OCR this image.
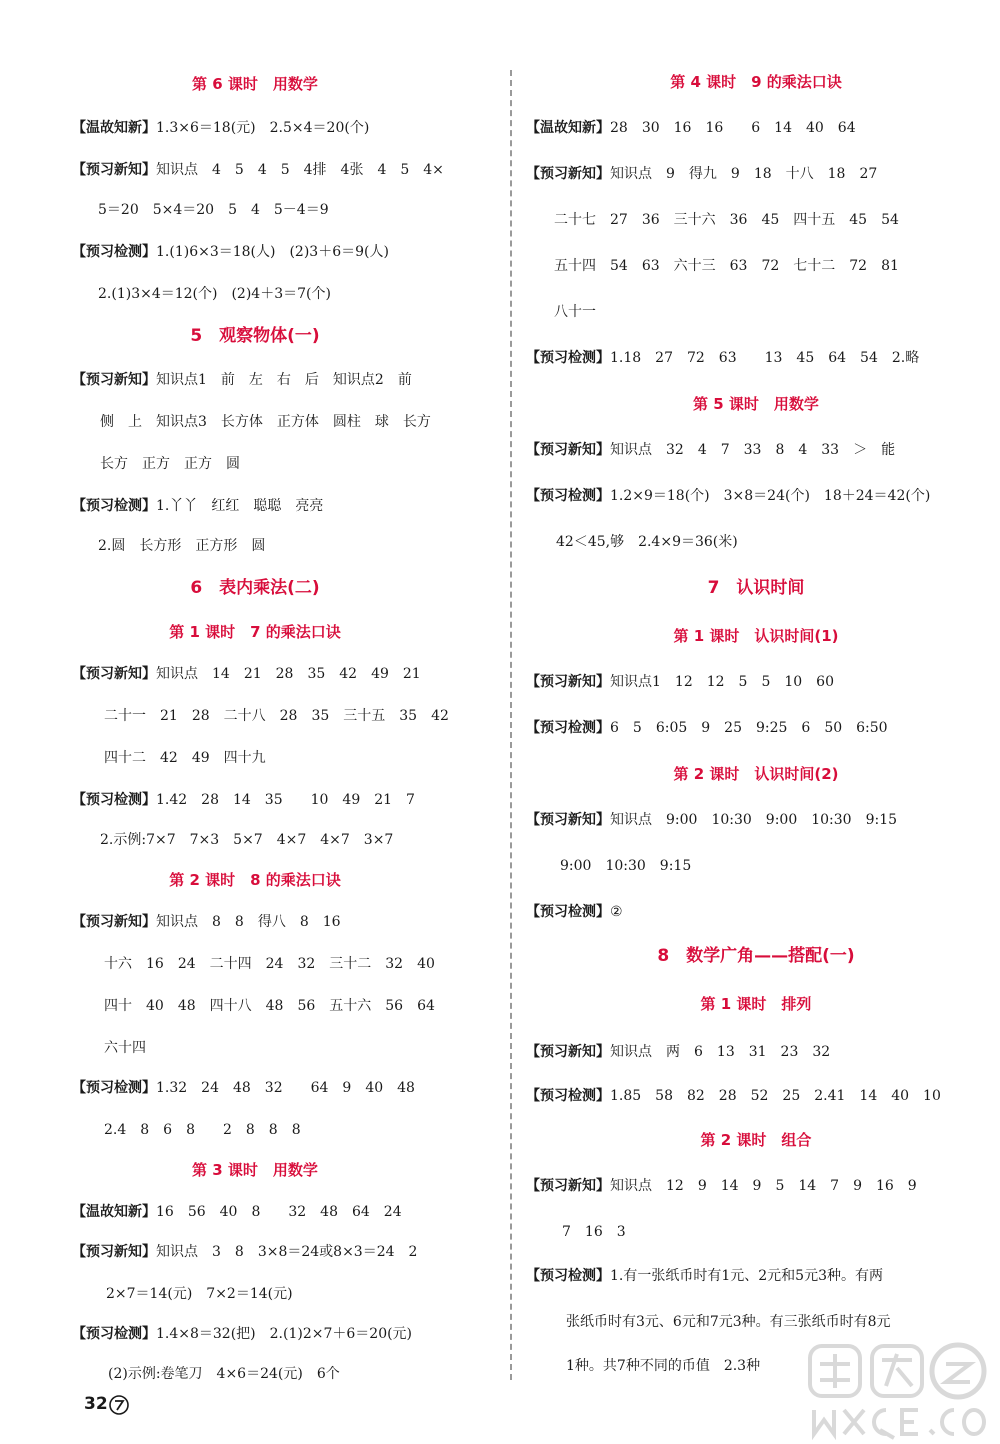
第 6 课时　用数学
【温故知新】1.3×6＝18(元)　2.5×4＝20(个)
【预习新知】知识点　4　5　4　5　4排　4张　4　5　4×
5＝20　5×4＝20　5　4　5－4＝9
【预习检测】1.(1)6×3＝18(人)　(2)3＋6＝9(人)
2.(1)3×4＝12(个)　(2)4＋3＝7(个)
5　观察物体(一)
【预习新知】知识点1　前　左　右　后　知识点2　前
侧　上　知识点3　长方体　正方体　圆柱　球　长方
长方　正方　正方　圆
【预习检测】1.丫丫　红红　聪聪　亮亮
2.圆　长方形　正方形　圆
6　表内乘法(二)
第 1 课时　7 的乘法口诀
【预习新知】知识点　14　21　28　35　42　49　21
二十一　21　28　二十八　28　35　三十五　35　42
四十二　42　49　四十九
【预习检测】1.42　28　14　35　　10　49　21　7
2.示例:7×7　7×3　5×7　4×7　4×7　3×7
第 2 课时　8 的乘法口诀
【预习新知】知识点　8　8　得八　8　16
十六　16　24　二十四　24　32　三十二　32　40
四十　40　48　四十八　48　56　五十六　56　64
六十四
【预习检测】1.32　24　48　32　　64　9　40　48
2.4　8　6　8　　2　8　8　8
第 3 课时　用数学
【温故知新】16　56　40　8　　32　48　64　24
【预习新知】知识点　3　8　3×8＝24或8×3＝24　2
2×7＝14(元)　7×2＝14(元)
【预习检测】1.4×8＝32(把)　2.(1)2×7＋6＝20(元)
(2)示例:卷笔刀　4×6＝24(元)　6个
第 4 课时　9 的乘法口诀
【温故知新】28　30　16　16　　6　14　40　64
【预习新知】知识点　9　得九　9　18　十八　18　27
二十七　27　36　三十六　36　45　四十五　45　54
五十四　54　63　六十三　63　72　七十二　72　81
八十一
【预习检测】1.18　27　72　63　　13　45　64　54　2.略
第 5 课时　用数学
【预习新知】知识点　32　4　7　33　8　4　33　＞　能
【预习检测】1.2×9＝18(个)　3×8＝24(个)　18＋24＝42(个)
42＜45,够　2.4×9＝36(米)
7　认识时间
第 1 课时　认识时间(1)
【预习新知】知识点1　12　12　5　5　10　60
【预习检测】6　5　6:05　9　25　9:25　6　50　6:50
第 2 课时　认识时间(2)
【预习新知】知识点　9:00　10:30　9:00　10:30　9:15
9:00　10:30　9:15
【预习检测】②
8　数学广角——搭配(一)
第 1 课时　排列
【预习新知】知识点　两　6　13　31　23　32
【预习检测】1.85　58　82　28　52　25　2.41　14　40　10
第 2 课时　组合
【预习新知】知识点　12　9　14　9　5　14　7　9　16　9
7　16　3
【预习检测】1.有一张纸币时有1元、2元和5元3种。有两
张纸币时有3元、6元和7元3种。有三张纸币时有8元
1种。共7种不同的币值　2.3种
32
